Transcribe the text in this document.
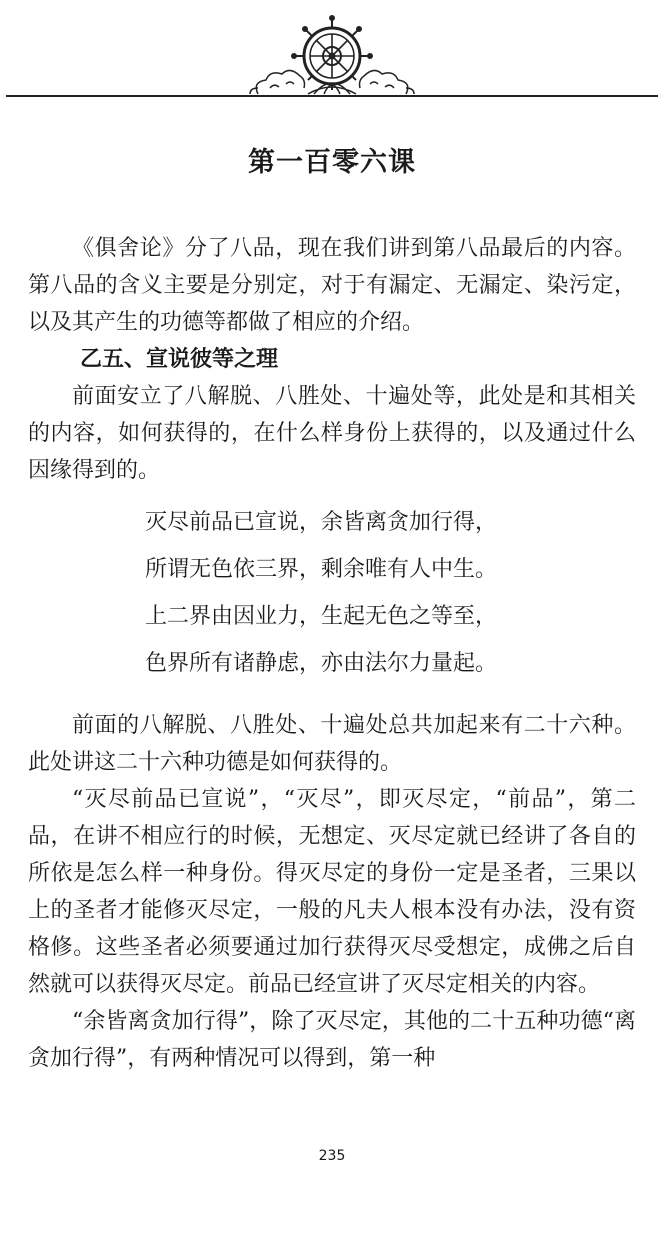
第一百零六课

《俱舍论》分了八品，现在我们讲到第八品最后的内容。第八品的含义主要是分别定，对于有漏定、无漏定、染污定，以及其产生的功德等都做了相应的介绍。

乙五、宣说彼等之理

前面安立了八解脱、八胜处、十遍处等，此处是和其相关的内容，如何获得的，在什么样身份上获得的，以及通过什么因缘得到的。

灭尽前品已宣说，余皆离贪加行得，
所谓无色依三界，剩余唯有人中生。
上二界由因业力，生起无色之等至，
色界所有诸静虑，亦由法尔力量起。

前面的八解脱、八胜处、十遍处总共加起来有二十六种。此处讲这二十六种功德是如何获得的。

“灭尽前品已宣说”，“灭尽”，即灭尽定，“前品”，第二品，在讲不相应行的时候，无想定、灭尽定就已经讲了各自的所依是怎么样一种身份。得灭尽定的身份一定是圣者，三果以上的圣者才能修灭尽定，一般的凡夫人根本没有办法，没有资格修。这些圣者必须要通过加行获得灭尽受想定，成佛之后自然就可以获得灭尽定。前品已经宣讲了灭尽定相关的内容。

“余皆离贪加行得”，除了灭尽定，其他的二十五种功德“离贪加行得”，有两种情况可以得到，第一种

235
